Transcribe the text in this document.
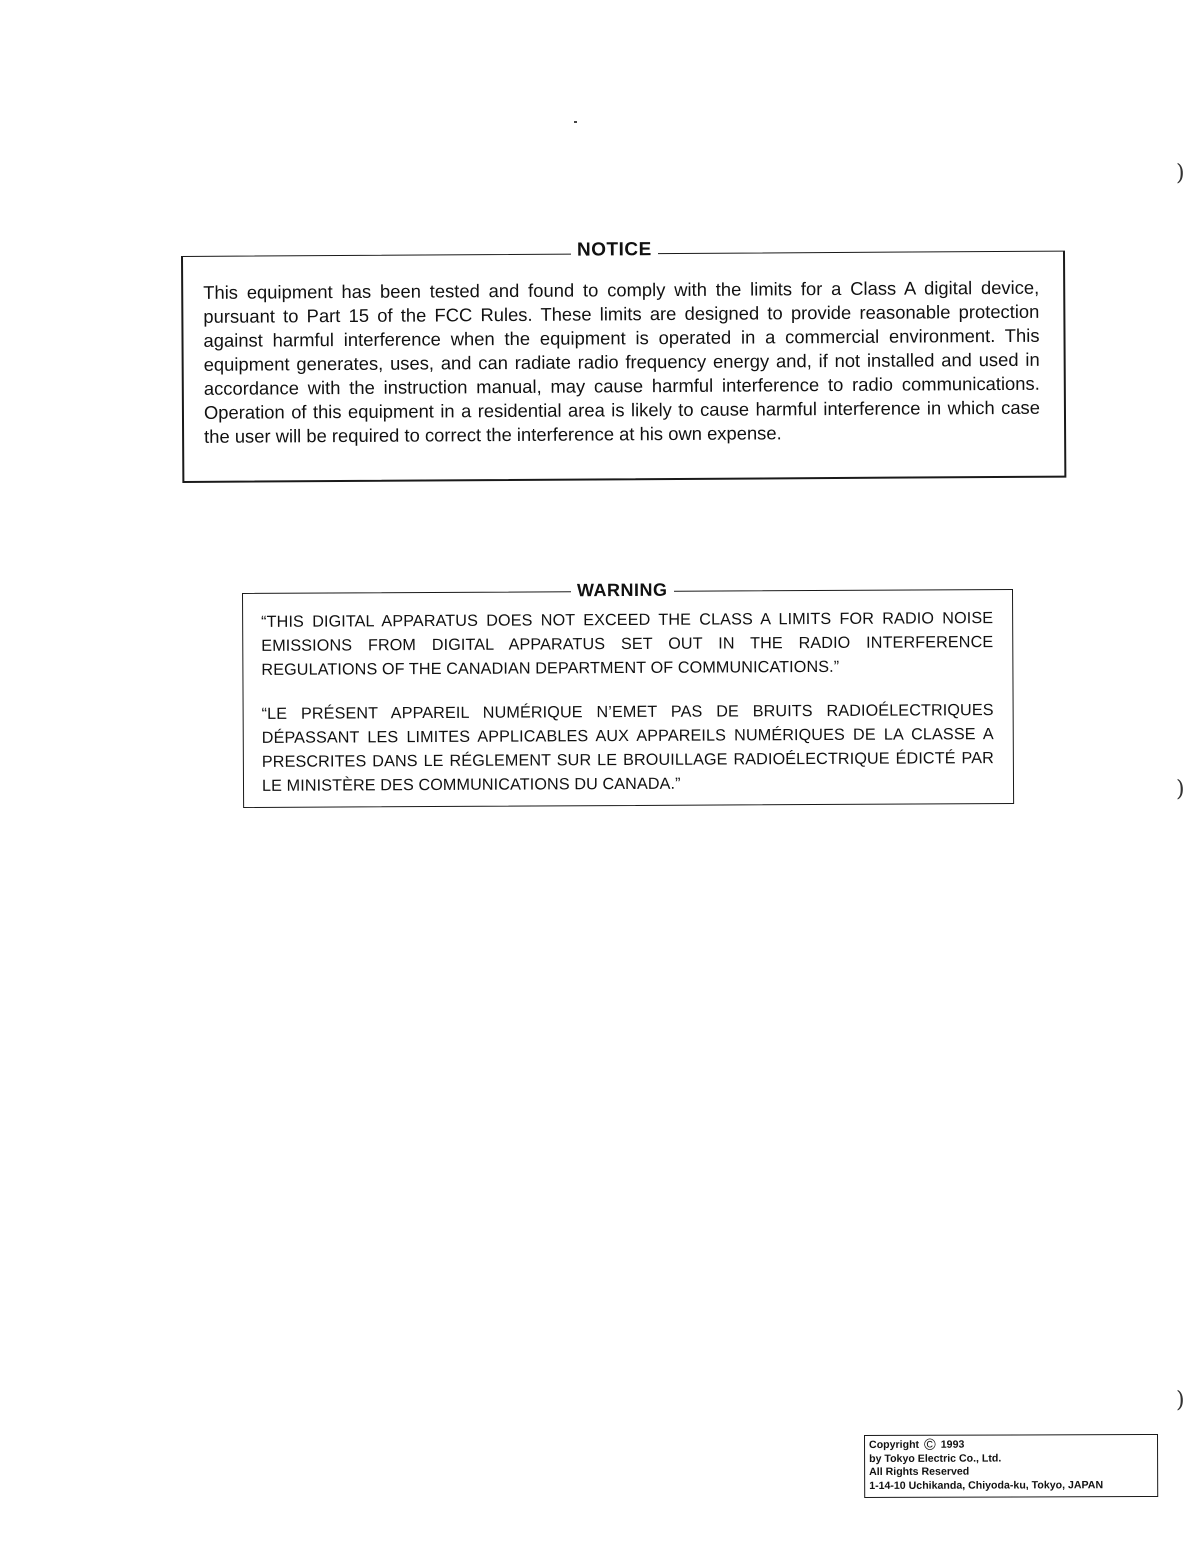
)
)
)
NOTICE
This equipment has been tested and found to comply with the limits for a Class A digital device, pursuant to Part 15 of the FCC Rules. These limits are designed to provide reasonable protection against harmful interference when the equipment is operated in a commercial environment. This equipment generates, uses, and can radiate radio frequency energy and, if not installed and used in accordance with the instruction manual, may cause harmful interference to radio communications. Operation of this equipment in a residential area is likely to cause harmful interference in which case the user will be required to correct the interference at his own expense.
WARNING
“THIS DIGITAL APPARATUS DOES NOT EXCEED THE CLASS A LIMITS FOR RADIO NOISE EMISSIONS FROM DIGITAL APPARATUS SET OUT IN THE RADIO INTERFERENCE REGULATIONS OF THE CANADIAN DEPARTMENT OF COMMUNICATIONS.”
“LE PRÉSENT APPAREIL NUMÉRIQUE N’EMET PAS DE BRUITS RADIOÉLECTRIQUES DÉPASSANT LES LIMITES APPLICABLES AUX APPAREILS NUMÉRIQUES DE LA CLASSE A PRESCRITES DANS LE RÉGLEMENT SUR LE BROUILLAGE RADIOÉLECTRIQUE ÉDICTÉ PAR LE MINISTÈRE DES COMMUNICATIONS DU CANADA.”
Copyright © 1993
by Tokyo Electric Co., Ltd.
All Rights Reserved
1-14-10 Uchikanda, Chiyoda-ku, Tokyo, JAPAN
